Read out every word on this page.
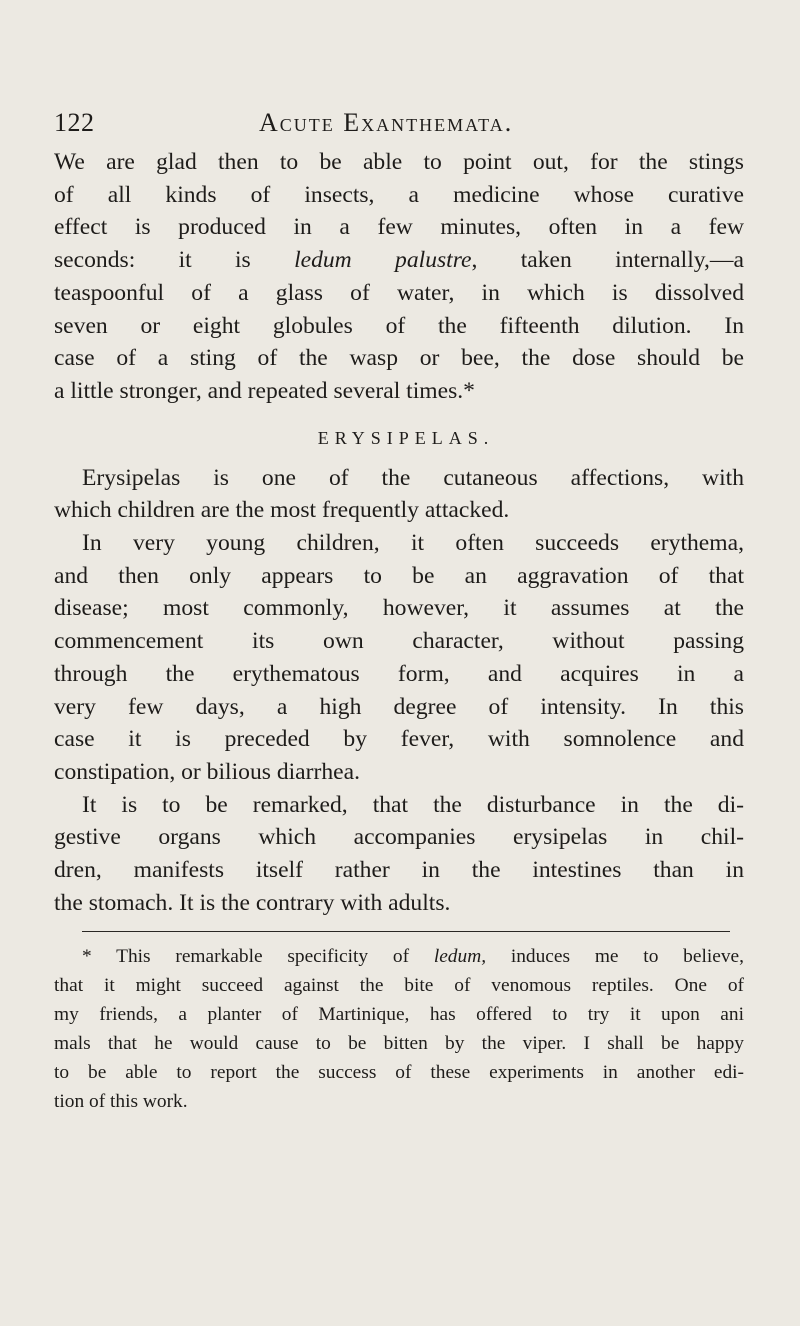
122	Acute Exanthemata.

We are glad then to be able to point out, for the stings
of all kinds of insects, a medicine whose curative
effect is produced in a few minutes, often in a few
seconds: it is ledum palustre, taken internally,—a
teaspoonful of a glass of water, in which is dissolved
seven or eight globules of the fifteenth dilution. In
case of a sting of the wasp or bee, the dose should be
a little stronger, and repeated several times.*

ERYSIPELAS.

Erysipelas is one of the cutaneous affections, with
which children are the most frequently attacked.

In very young children, it often succeeds erythema,
and then only appears to be an aggravation of that
disease; most commonly, however, it assumes at the
commencement its own character, without passing
through the erythematous form, and acquires in a
very few days, a high degree of intensity. In this
case it is preceded by fever, with somnolence and
constipation, or bilious diarrhea.

It is to be remarked, that the disturbance in the di-
gestive organs which accompanies erysipelas in chil-
dren, manifests itself rather in the intestines than in
the stomach. It is the contrary with adults.

* This remarkable specificity of ledum, induces me to believe,
that it might succeed against the bite of venomous reptiles. One of
my friends, a planter of Martinique, has offered to try it upon ani
mals that he would cause to be bitten by the viper. I shall be happy
to be able to report the success of these experiments in another edi-
tion of this work.
